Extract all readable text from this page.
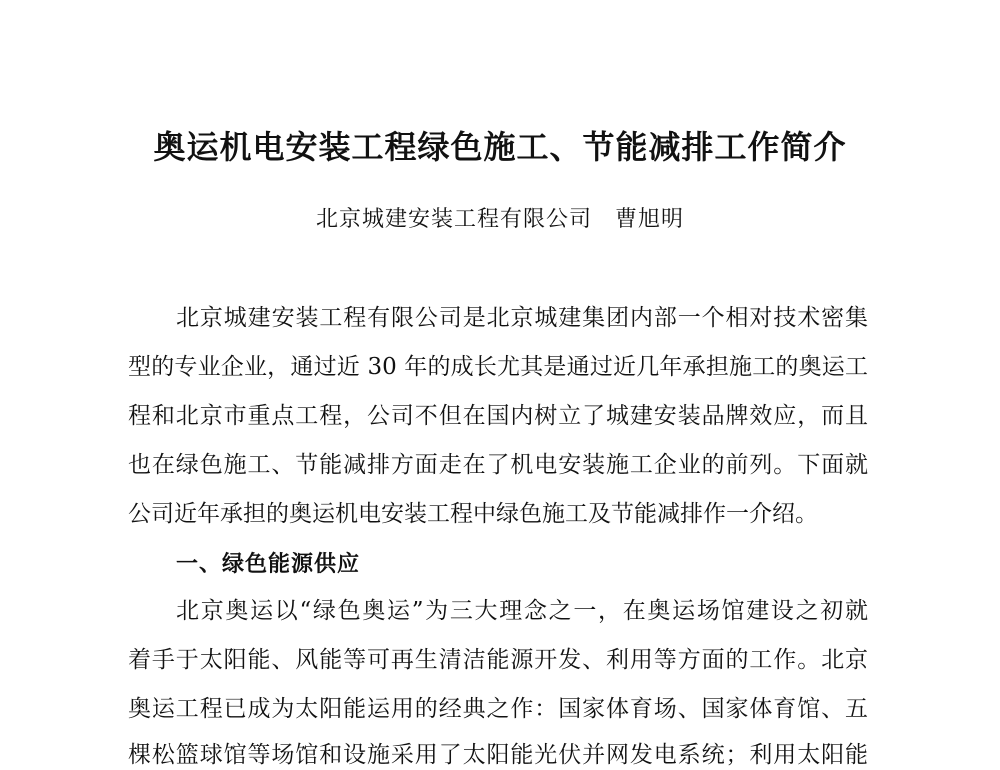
奥运机电安装工程绿色施工、节能减排工作简介
北京城建安装工程有限公司　曹旭明
北京城建安装工程有限公司是北京城建集团内部一个相对技术密集
型的专业企业，通过近 30 年的成长尤其是通过近几年承担施工的奥运工
程和北京市重点工程，公司不但在国内树立了城建安装品牌效应，而且
也在绿色施工、节能减排方面走在了机电安装施工企业的前列。下面就
公司近年承担的奥运机电安装工程中绿色施工及节能减排作一介绍。
一、绿色能源供应
北京奥运以“绿色奥运”为三大理念之一，在奥运场馆建设之初就
着手于太阳能、风能等可再生清洁能源开发、利用等方面的工作。北京
奥运工程已成为太阳能运用的经典之作：国家体育场、国家体育馆、五
棵松篮球馆等场馆和设施采用了太阳能光伏并网发电系统；利用太阳能
